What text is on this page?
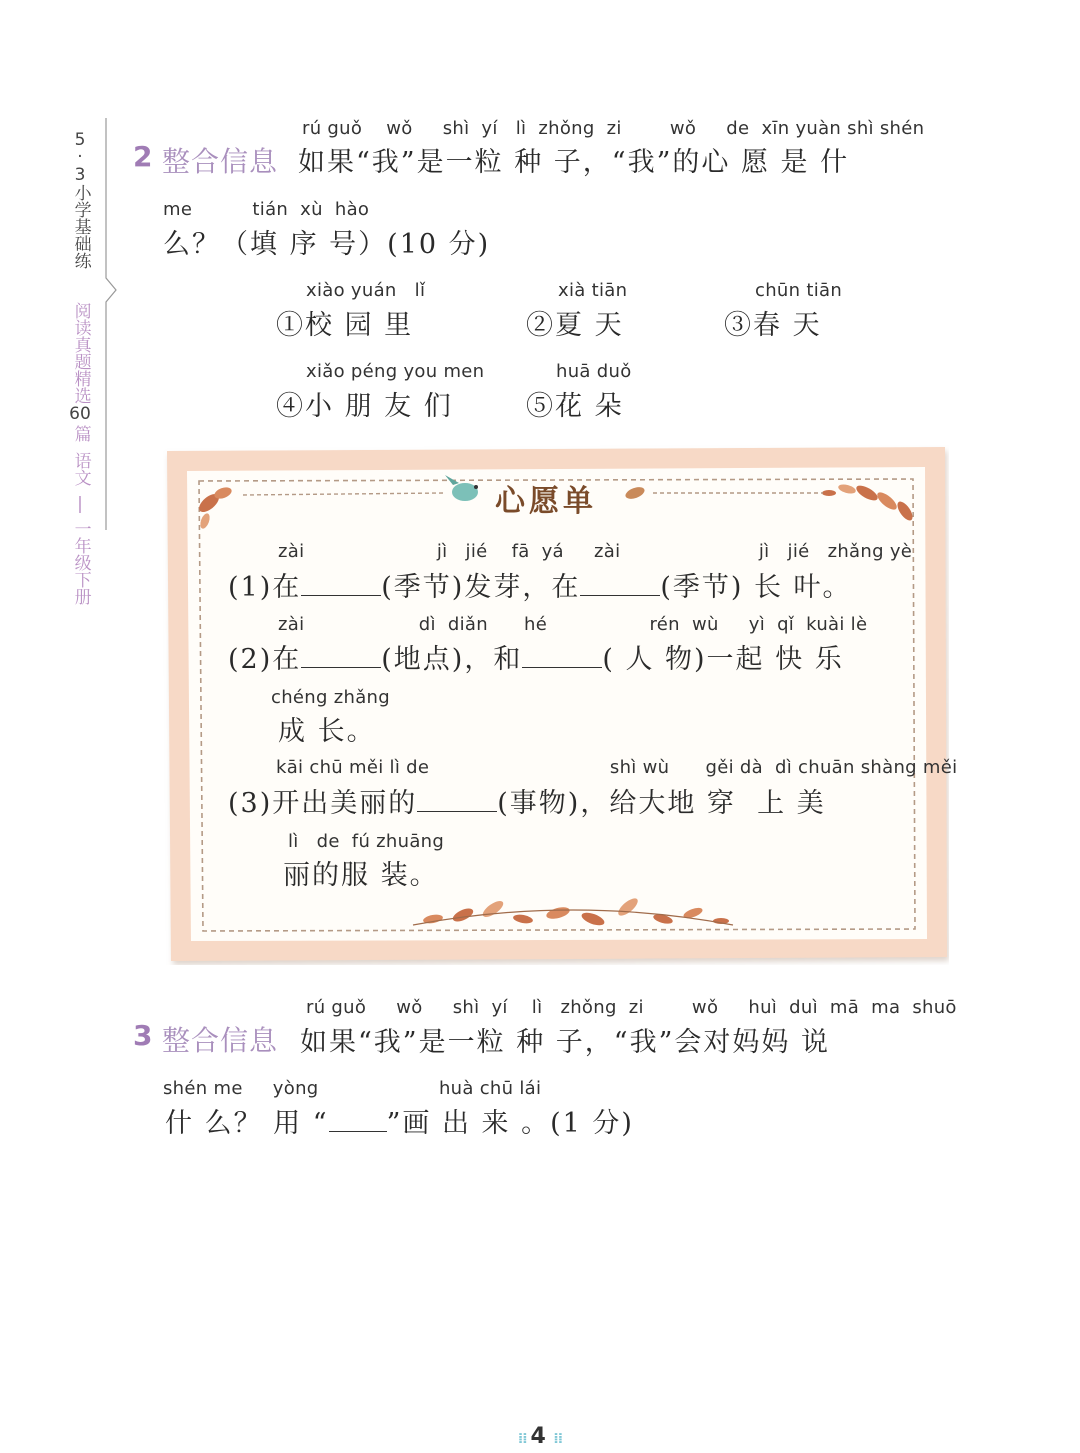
5
·
3
小学基础练
阅读真题精选
60
篇
语文
|
一年级下册
rú guǒ    wǒ     shì  yí   lì  zhǒng  zi        wǒ     de  xīn yuàn shì shén
2 整合信息 如果“我”是一粒 种 子，“我”的心 愿 是 什
me          tián  xù  hào
么？（填 序 号）(10 分)
xiào yuán   lǐ
①校 园 里
xià tiān
②夏 天
chūn tiān
③春 天
xiǎo péng you men
④小 朋 友 们
huā duǒ
⑤花 朵
心愿单
zài                      jì   jié    fā  yá     zài                       jì   jié   zhǎng yè
(1)在	(季节)发芽，在	(季节) 长 叶。
zài                   dì  diǎn      hé                 rén  wù     yì  qǐ  kuài lè
(2)在	(地点)，和	( 人 物)一起 快 乐
chéng zhǎng
成 长。
kāi chū měi lì de                              shì wù      gěi dà  dì chuān shàng měi
(3)开出美丽的	(事物)，给大地 穿  上 美
lì   de  fú zhuāng
丽的服 装。
rú guǒ     wǒ     shì  yí    lì   zhǒng  zi        wǒ     huì  duì  mā  ma  shuō
3 整合信息 如果“我”是一粒 种 子，“我”会对妈妈 说
shén me     yòng                    huà chū lái
什 么？ 用 “ ”画 出 来 。(1 分)
⁞⁞ 4 ⁞⁞
